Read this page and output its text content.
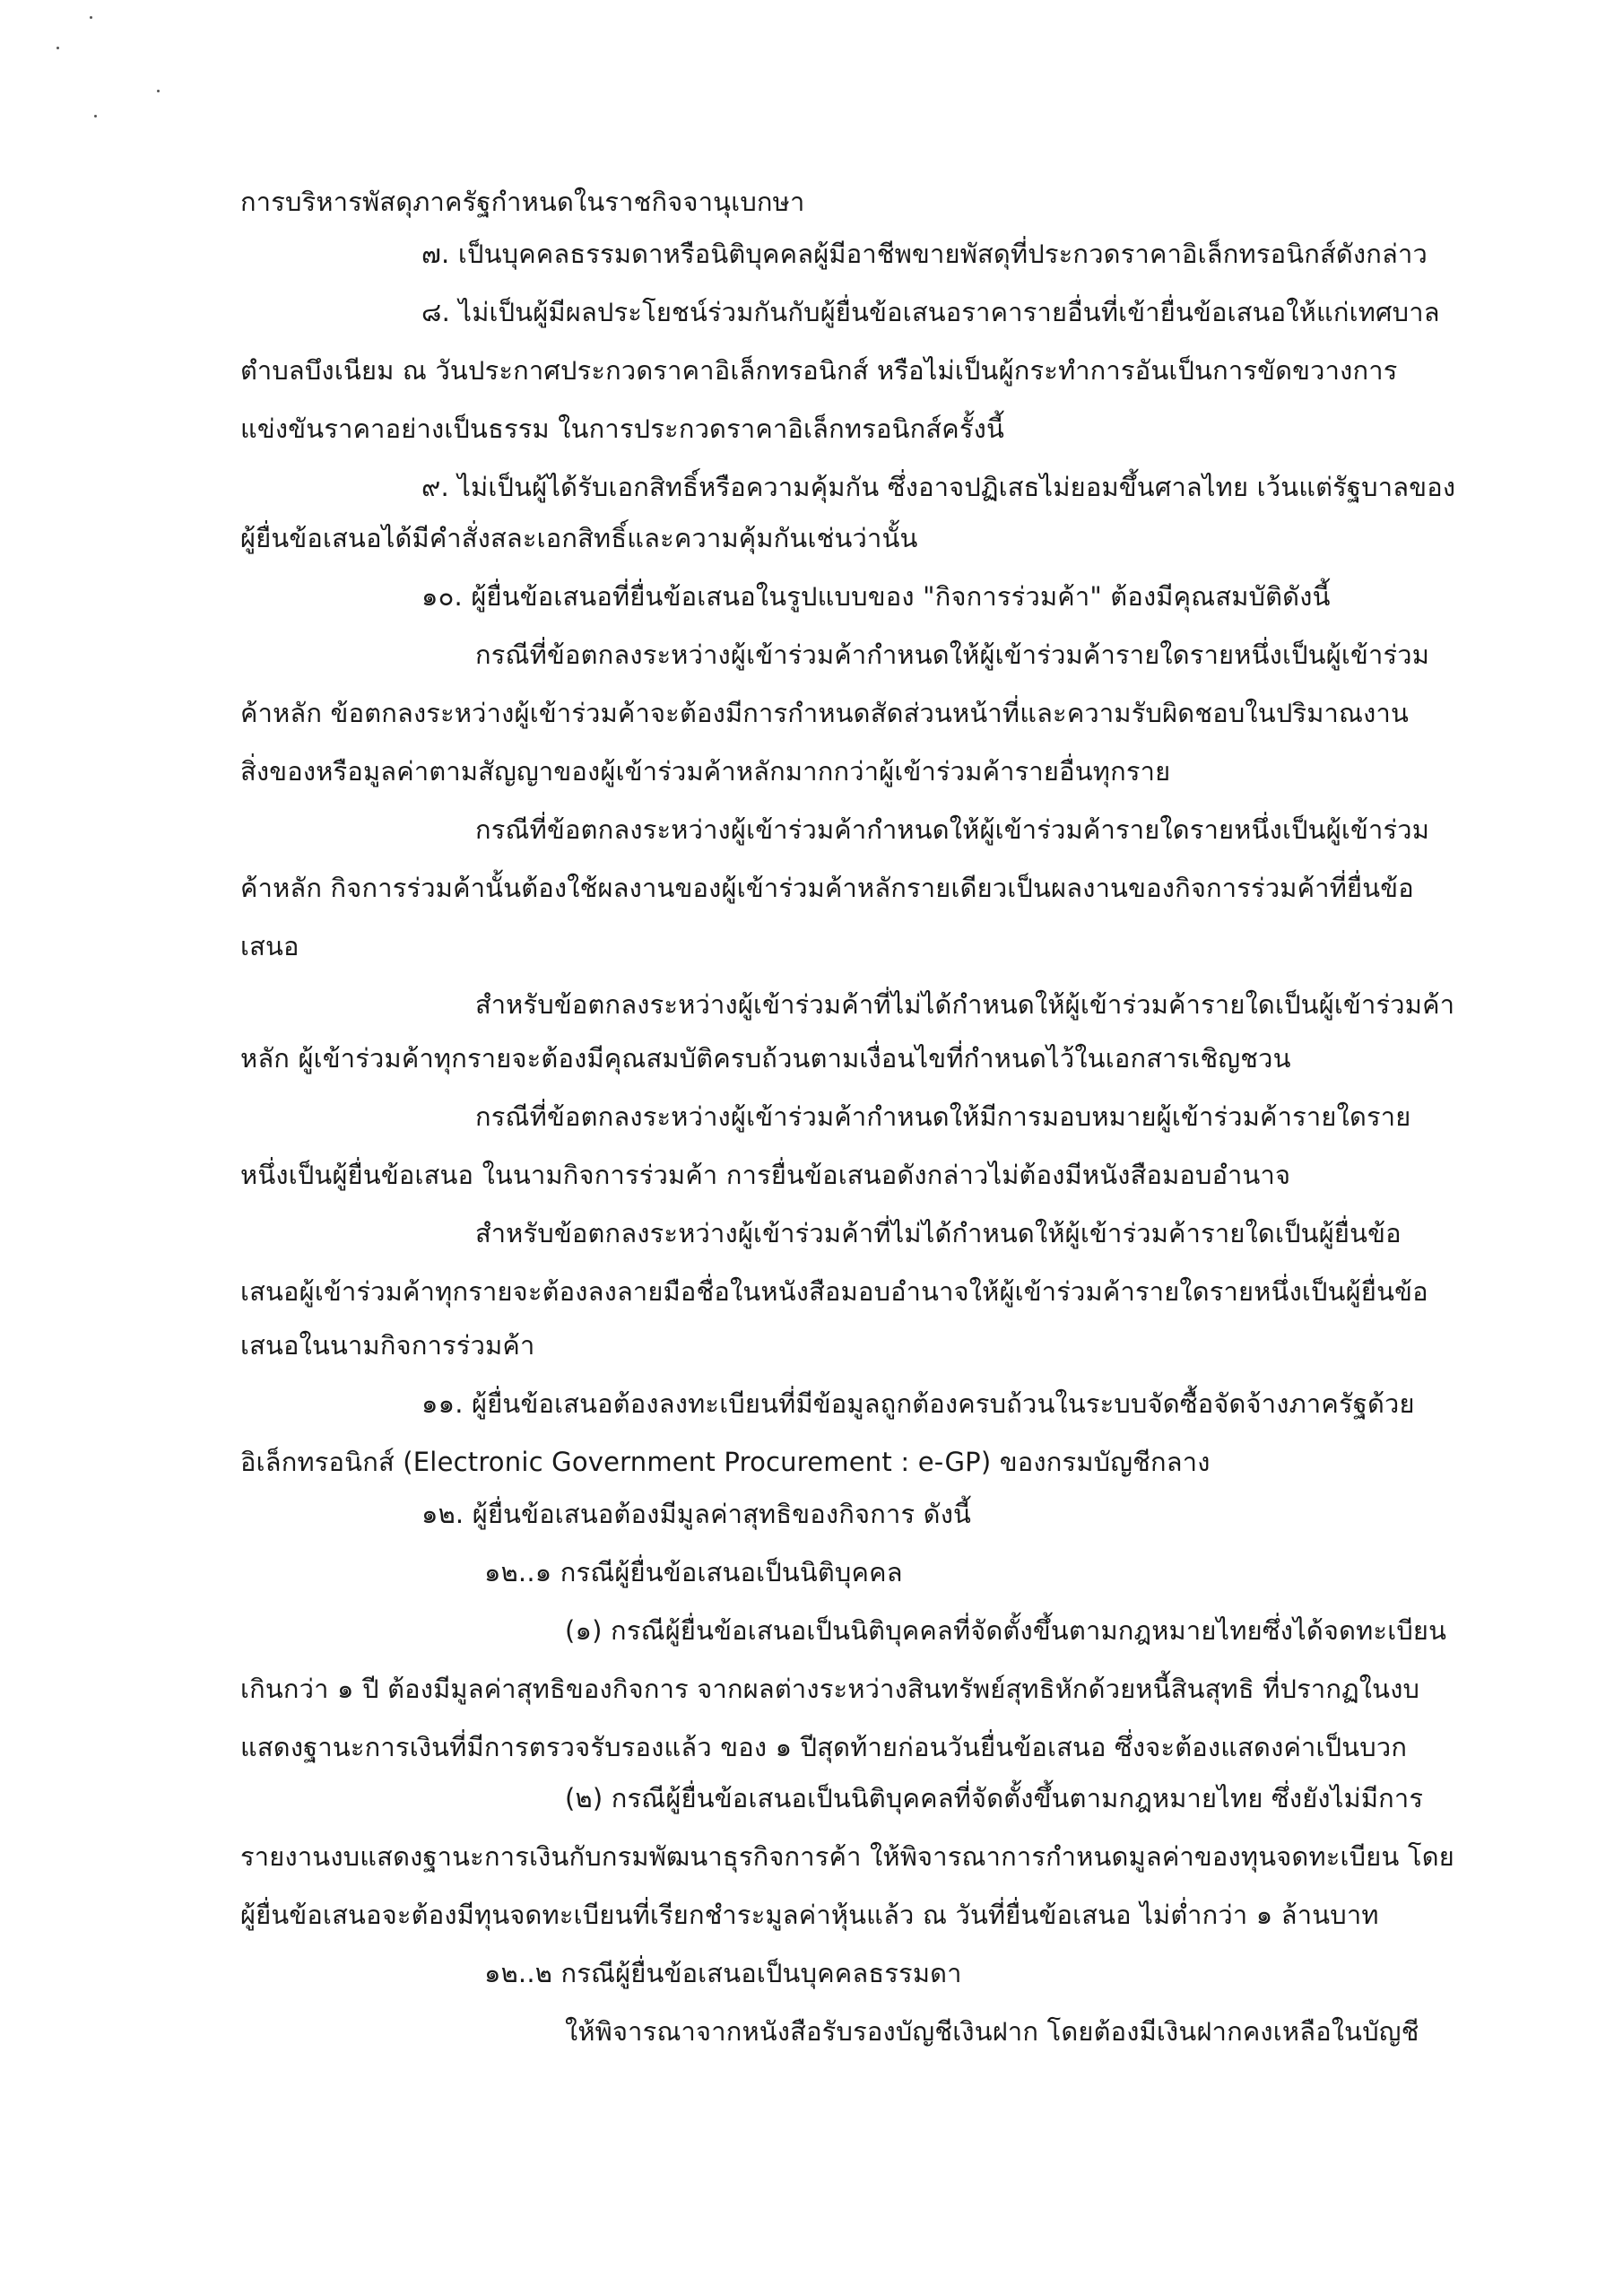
การบริหารพัสดุภาครัฐกำหนดในราชกิจจานุเบกษา
๗. เป็นบุคคลธรรมดาหรือนิติบุคคลผู้มีอาชีพขายพัสดุที่ประกวดราคาอิเล็กทรอนิกส์ดังกล่าว
๘. ไม่เป็นผู้มีผลประโยชน์ร่วมกันกับผู้ยื่นข้อเสนอราคารายอื่นที่เข้ายื่นข้อเสนอให้แก่เทศบาล
ตำบลบึงเนียม ณ วันประกาศประกวดราคาอิเล็กทรอนิกส์ หรือไม่เป็นผู้กระทำการอันเป็นการขัดขวางการ
แข่งขันราคาอย่างเป็นธรรม ในการประกวดราคาอิเล็กทรอนิกส์ครั้งนี้
๙. ไม่เป็นผู้ได้รับเอกสิทธิ์หรือความคุ้มกัน ซึ่งอาจปฏิเสธไม่ยอมขึ้นศาลไทย เว้นแต่รัฐบาลของ
ผู้ยื่นข้อเสนอได้มีคำสั่งสละเอกสิทธิ์และความคุ้มกันเช่นว่านั้น
๑๐. ผู้ยื่นข้อเสนอที่ยื่นข้อเสนอในรูปแบบของ "กิจการร่วมค้า" ต้องมีคุณสมบัติดังนี้
กรณีที่ข้อตกลงระหว่างผู้เข้าร่วมค้ากำหนดให้ผู้เข้าร่วมค้ารายใดรายหนึ่งเป็นผู้เข้าร่วม
ค้าหลัก ข้อตกลงระหว่างผู้เข้าร่วมค้าจะต้องมีการกำหนดสัดส่วนหน้าที่และความรับผิดชอบในปริมาณงาน
สิ่งของหรือมูลค่าตามสัญญาของผู้เข้าร่วมค้าหลักมากกว่าผู้เข้าร่วมค้ารายอื่นทุกราย
กรณีที่ข้อตกลงระหว่างผู้เข้าร่วมค้ากำหนดให้ผู้เข้าร่วมค้ารายใดรายหนึ่งเป็นผู้เข้าร่วม
ค้าหลัก กิจการร่วมค้านั้นต้องใช้ผลงานของผู้เข้าร่วมค้าหลักรายเดียวเป็นผลงานของกิจการร่วมค้าที่ยื่นข้อ
เสนอ
สำหรับข้อตกลงระหว่างผู้เข้าร่วมค้าที่ไม่ได้กำหนดให้ผู้เข้าร่วมค้ารายใดเป็นผู้เข้าร่วมค้า
หลัก ผู้เข้าร่วมค้าทุกรายจะต้องมีคุณสมบัติครบถ้วนตามเงื่อนไขที่กำหนดไว้ในเอกสารเชิญชวน
กรณีที่ข้อตกลงระหว่างผู้เข้าร่วมค้ากำหนดให้มีการมอบหมายผู้เข้าร่วมค้ารายใดราย
หนึ่งเป็นผู้ยื่นข้อเสนอ ในนามกิจการร่วมค้า การยื่นข้อเสนอดังกล่าวไม่ต้องมีหนังสือมอบอำนาจ
สำหรับข้อตกลงระหว่างผู้เข้าร่วมค้าที่ไม่ได้กำหนดให้ผู้เข้าร่วมค้ารายใดเป็นผู้ยื่นข้อ
เสนอผู้เข้าร่วมค้าทุกรายจะต้องลงลายมือชื่อในหนังสือมอบอำนาจให้ผู้เข้าร่วมค้ารายใดรายหนึ่งเป็นผู้ยื่นข้อ
เสนอในนามกิจการร่วมค้า
๑๑. ผู้ยื่นข้อเสนอต้องลงทะเบียนที่มีข้อมูลถูกต้องครบถ้วนในระบบจัดซื้อจัดจ้างภาครัฐด้วย
อิเล็กทรอนิกส์ (Electronic Government Procurement : e-GP) ของกรมบัญชีกลาง
๑๒. ผู้ยื่นข้อเสนอต้องมีมูลค่าสุทธิของกิจการ ดังนี้
๑๒..๑ กรณีผู้ยื่นข้อเสนอเป็นนิติบุคคล
(๑) กรณีผู้ยื่นข้อเสนอเป็นนิติบุคคลที่จัดตั้งขึ้นตามกฎหมายไทยซึ่งได้จดทะเบียน
เกินกว่า ๑ ปี ต้องมีมูลค่าสุทธิของกิจการ จากผลต่างระหว่างสินทรัพย์สุทธิหักด้วยหนี้สินสุทธิ ที่ปรากฏในงบ
แสดงฐานะการเงินที่มีการตรวจรับรองแล้ว ของ ๑ ปีสุดท้ายก่อนวันยื่นข้อเสนอ ซึ่งจะต้องแสดงค่าเป็นบวก
(๒) กรณีผู้ยื่นข้อเสนอเป็นนิติบุคคลที่จัดตั้งขึ้นตามกฎหมายไทย ซึ่งยังไม่มีการ
รายงานงบแสดงฐานะการเงินกับกรมพัฒนาธุรกิจการค้า ให้พิจารณาการกำหนดมูลค่าของทุนจดทะเบียน โดย
ผู้ยื่นข้อเสนอจะต้องมีทุนจดทะเบียนที่เรียกชำระมูลค่าหุ้นแล้ว ณ วันที่ยื่นข้อเสนอ ไม่ต่ำกว่า ๑ ล้านบาท
๑๒..๒ กรณีผู้ยื่นข้อเสนอเป็นบุคคลธรรมดา
ให้พิจารณาจากหนังสือรับรองบัญชีเงินฝาก โดยต้องมีเงินฝากคงเหลือในบัญชี
